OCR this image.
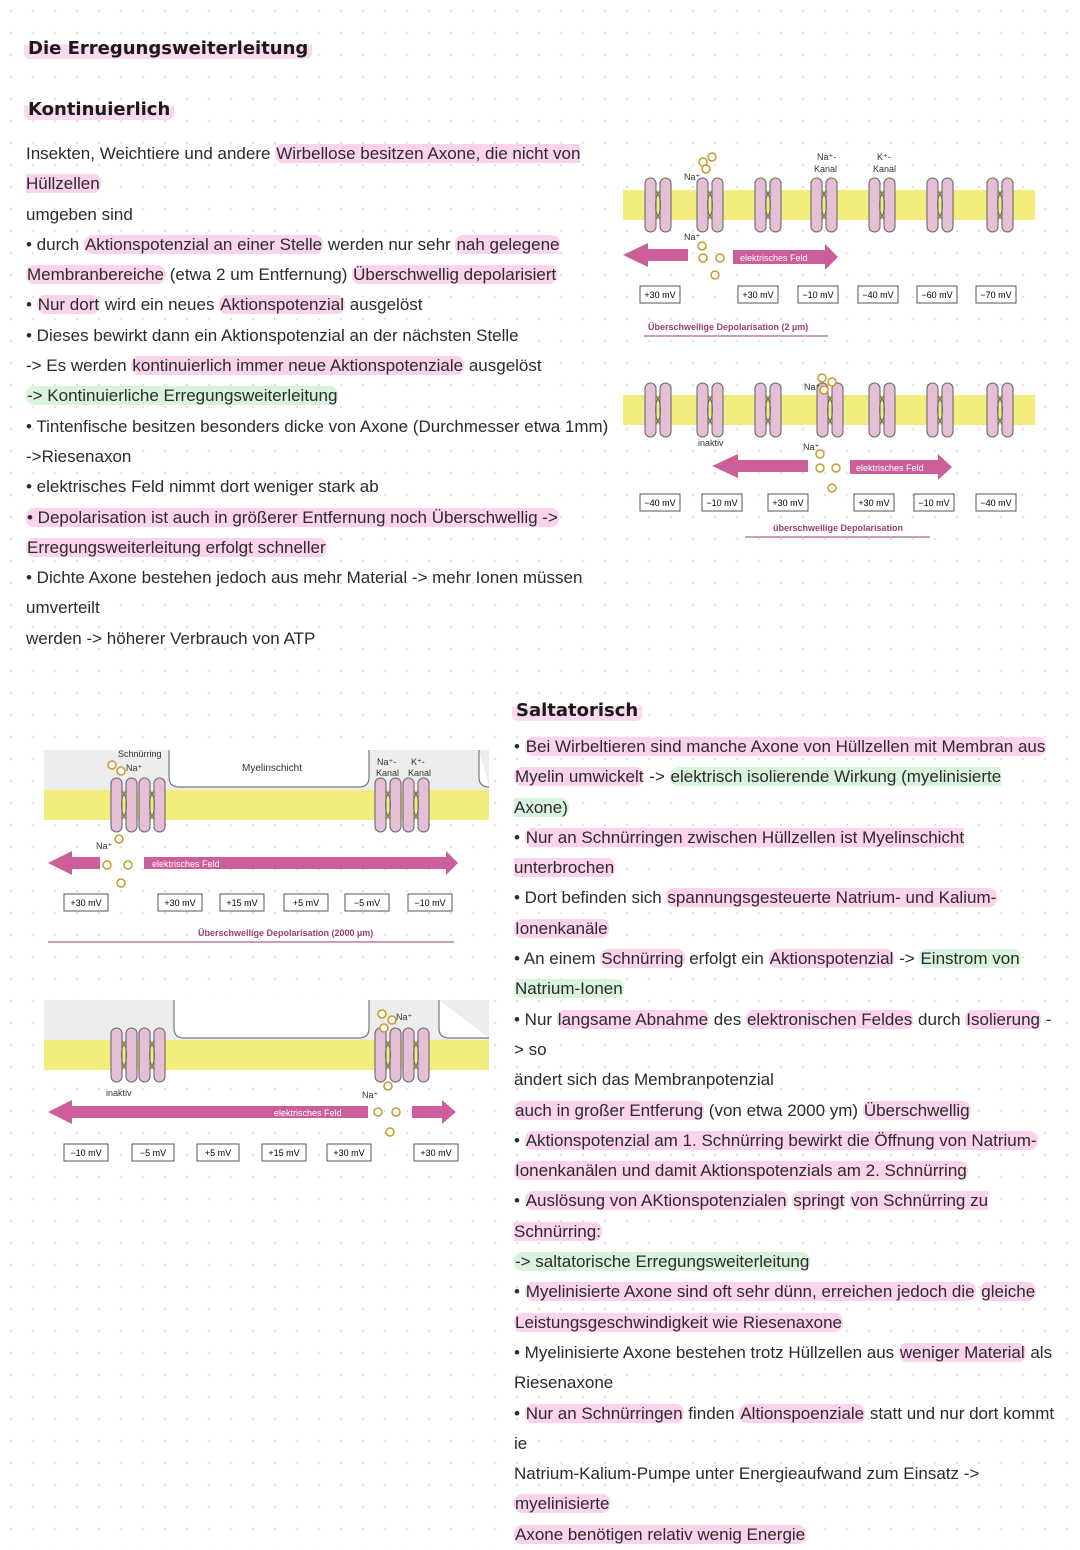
Die Erregungsweiterleitung
Kontinuierlich

Insekten, Weichtiere und andere Wirbellose besitzen Axone, die nicht von Hüllzellen

umgeben sind

• durch Aktionspotenzial an einer Stelle werden nur sehr nah gelegene

Membranbereiche (etwa 2 um Entfernung) Überschwellig depolarisiert

• Nur dort wird ein neues Aktionspotenzial ausgelöst

• Dieses bewirkt dann ein Aktionspotenzial an der nächsten Stelle

-> Es werden kontinuierlich immer neue Aktionspotenziale ausgelöst

-> Kontinuierliche Erregungsweiterleitung

• Tintenfische besitzen besonders dicke von Axone (Durchmesser etwa 1mm)

->Riesenaxon

• elektrisches Feld nimmt dort weniger stark ab

• Depolarisation ist auch in größerer Entfernung noch Überschwellig ->

Erregungsweiterleitung erfolgt schneller

• Dichte Axone bestehen jedoch aus mehr Material -> mehr Ionen müssen umverteilt

werden -> höherer Verbrauch von ATP

Saltatorisch

• Bei Wirbeltieren sind manche Axone von Hüllzellen mit Membran aus

Myelin umwickelt -> elektrisch isolierende Wirkung (myelinisierte Axone)

• Nur an Schnürringen zwischen Hüllzellen ist Myelinschicht unterbrochen

• Dort befinden sich spannungsgesteuerte Natrium- und Kalium-

Ionenkanäle

• An einem Schnürring erfolgt ein Aktionspotenzial -> Einstrom von

Natrium-Ionen

• Nur langsame Abnahme des elektronischen Feldes durch Isolierung -> so

ändert sich das Membranpotenzial

auch in großer Entferung (von etwa 2000 ym) Überschwellig

• Aktionspotenzial am 1. Schnürring bewirkt die Öffnung von Natrium-

Ionenkanälen und damit Aktionspotenzials am 2. Schnürring

• Auslösung von AKtionspotenzialen springt von Schnürring zu Schnürring:

-> saltatorische Erregungsweiterleitung

• Myelinisierte Axone sind oft sehr dünn, erreichen jedoch die gleiche

Leistungsgeschwindigkeit wie Riesenaxone

• Myelinisierte Axone bestehen trotz Hüllzellen aus weniger Material als

Riesenaxone

• Nur an Schnürringen finden Altionspoenziale statt und nur dort kommt ie

Natrium-Kalium-Pumpe unter Energieaufwand zum Einsatz -> myelinisierte

Axone benötigen relativ wenig Energie

Na⁺
Na⁺
Na⁺-
Kanal
K⁺-
Kanal
elektrisches Feld
+30 mV	+30 mV	−10 mV	−40 mV	−60 mV	−70 mV
Überschwellige Depolarisation (2 µm)
Na⁺
Na⁺
inaktiv
elektrisches Feld
−40 mV	−10 mV	+30 mV	+30 mV	−10 mV	−40 mV
überschwellige Depolarisation
Schnürring
Na⁺
Na⁺
Myelinschicht
Na⁺-
Kanal
K⁺-
Kanal
elektrisches Feld
+30 mV	+30 mV	+15 mV	+5 mV	−5 mV	−10 mV
Überschwellige Depolarisation (2000 µm)
Na⁺
Na⁺
inaktiv
elektrisches Feld
−10 mV	−5 mV	+5 mV	+15 mV	+30 mV	+30 mV
